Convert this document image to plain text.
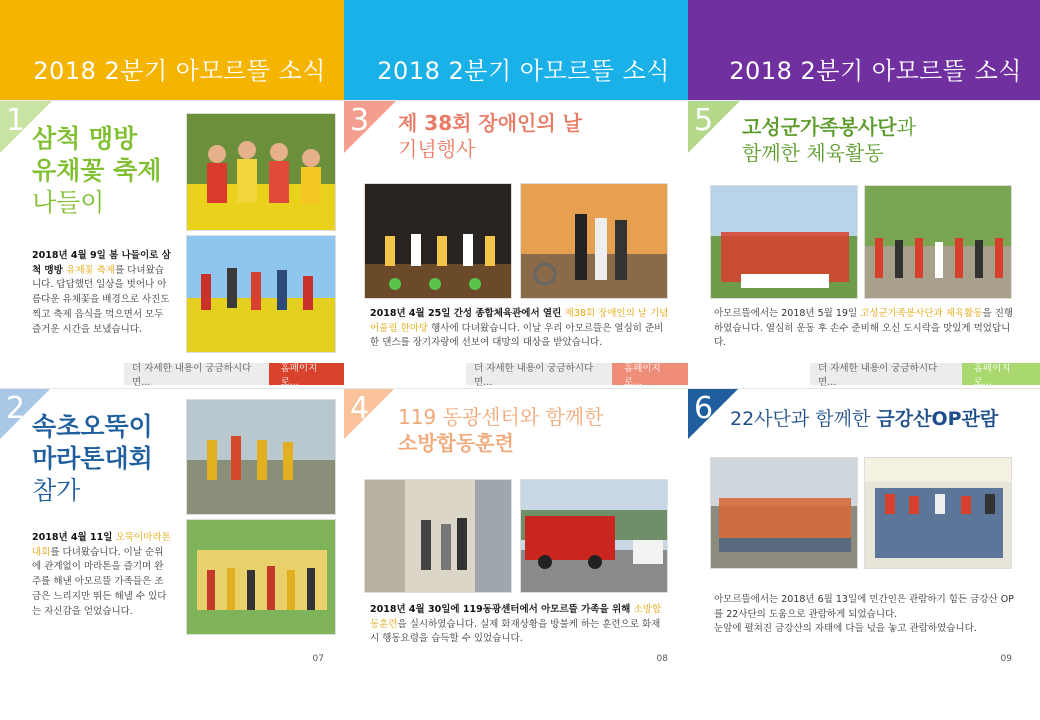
2018 2분기 아모르뜰 소식
1
삼척 맹방
유채꽃 축제
나들이
2018년 4월 9일 봄 나들이로 삼척 맹방 유채꽃 축제를 다녀왔습니다. 답답했던 일상을 벗어나 아름다운 유채꽃을 배경으로 사진도 찍고 축제 음식을 먹으면서 모두 즐거운 시간을 보냈습니다.
더 자세한 내용이 궁금하시다면...
홈페이지로...
2
속초오뚝이
마라톤대회
참가
2018년 4월 11일 오뚝이마라톤대회를 다녀왔습니다. 이날 순위에 관계없이 마라톤을 즐기며 완주를 해낸 아모르뜰 가족들은 조금은 느리지만 뛰든 해낼 수 있다는 자신감을 얻었습니다.
07
2018 2분기 아모르뜰 소식
3 제 38회 장애인의 날
기념행사
2018년 4월 25일 간성 종합체육관에서 열린 제38회 장애인의 날 기념 어울림 한마당 행사에 다녀왔습니다. 이날 우리 아모르뜰은 열심히 준비한 댄스를 장기자랑에 선보여 대망의 대상을 받았습니다.
더 자세한 내용이 궁금하시다면...
홈페이지로...
4 119 동광센터와 함께한
소방합동훈련
2018년 4월 30일에 119동광센터에서 아모르뜰 가족을 위해 소방합동훈련을 실시하였습니다. 실제 화재상황을 방불케 하는 훈련으로 화재 시 행동요령을 습득할 수 있었습니다.
08
2018 2분기 아모르뜰 소식
5 고성군가족봉사단과
함께한 체육활동
아모르뜰에서는 2018년 5월 19일 고성군가족봉사단과 체육활동을 진행하였습니다. 열심히 운동 후 손수 준비해 오신 도시락을 맛있게 먹었답니다.
더 자세한 내용이 궁금하시다면...
홈페이지로...
6 22사단과 함께한 금강산OP관람
아모르뜰에서는 2018년 6월 13일에 민간인은 관람하기 힘든 금강산 OP를 22사단의 도움으로 관람하게 되었습니다.
눈앞에 펼쳐진 금강산의 자태에 다들 넋을 놓고 관람하였습니다.
09
